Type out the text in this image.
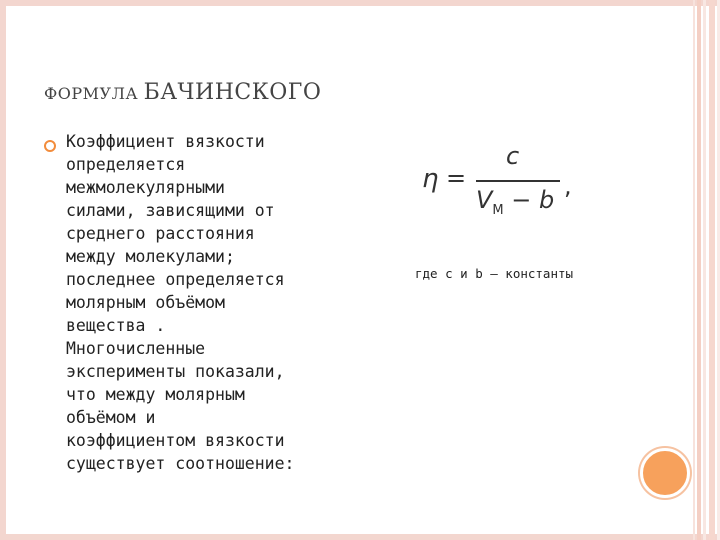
ФОРМУЛА БАЧИНСКОГО

Коэффициент вязкости

определяется

межмолекулярными

силами, зависящими от

среднего расстояния

между молекулами;

последнее определяется

молярным объёмом

вещества .

Многочисленные

эксперименты показали,

что между молярным

объёмом и

коэффициентом вязкости

существует соотношение:

η =
c
$V_M - b$ ,
где c и b — константы
